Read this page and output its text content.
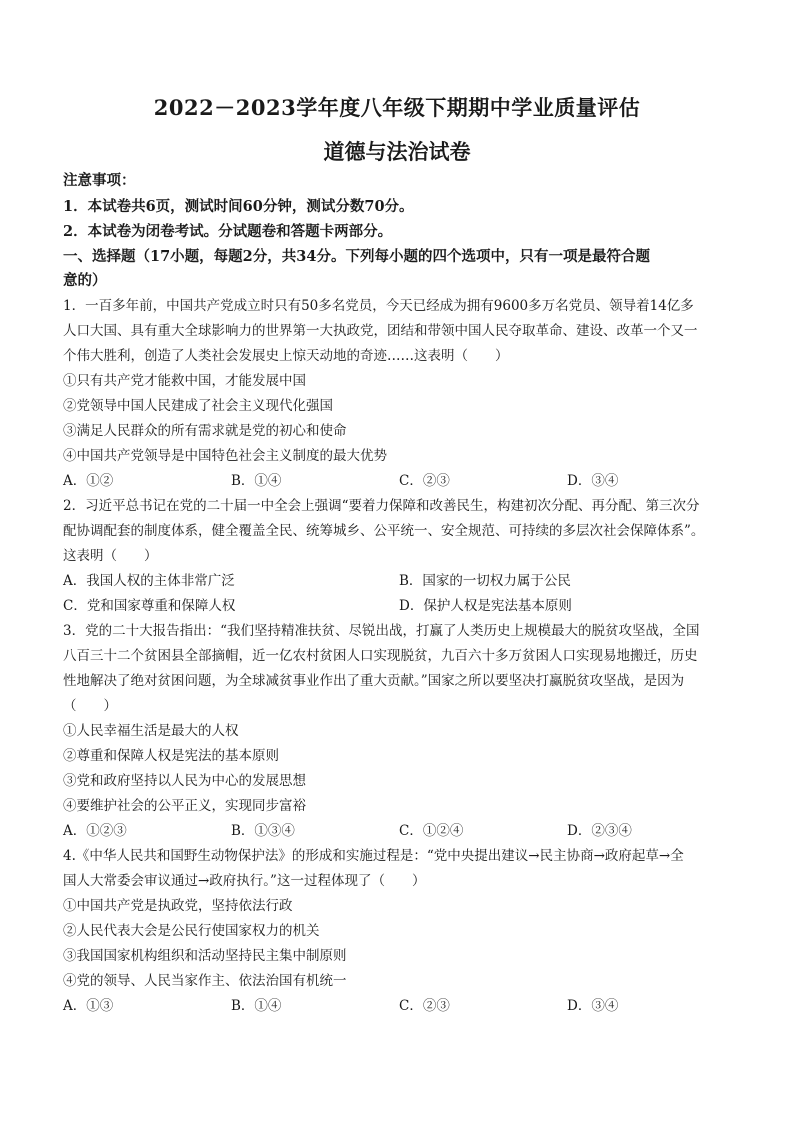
2022－2023学年度八年级下期期中学业质量评估
道德与法治试卷
注意事项：
1．本试卷共6页，测试时间60分钟，测试分数70分。
2．本试卷为闭卷考试。分试题卷和答题卡两部分。
一、选择题（17小题，每题2分，共34分。下列每小题的四个选项中，只有一项是最符合题
意的）
1．一百多年前，中国共产党成立时只有50多名党员，今天已经成为拥有9600多万名党员、领导着14亿多
人口大国、具有重大全球影响力的世界第一大执政党，团结和带领中国人民夺取革命、建设、改革一个又一
个伟大胜利，创造了人类社会发展史上惊天动地的奇迹……这表明（　　）
①只有共产党才能救中国，才能发展中国
②党领导中国人民建成了社会主义现代化强国
③满足人民群众的所有需求就是党的初心和使命
④中国共产党领导是中国特色社会主义制度的最大优势
A．①②	B．①④	C．②③	D．③④
2．习近平总书记在党的二十届一中全会上强调“要着力保障和改善民生，构建初次分配、再分配、第三次分
配协调配套的制度体系，健全覆盖全民、统筹城乡、公平统一、安全规范、可持续的多层次社会保障体系”。
这表明（　　）
A．我国人权的主体非常广泛	B．国家的一切权力属于公民
C．党和国家尊重和保障人权	D．保护人权是宪法基本原则
3．党的二十大报告指出：“我们坚持精准扶贫、尽锐出战，打赢了人类历史上规模最大的脱贫攻坚战，全国
八百三十二个贫困县全部摘帽，近一亿农村贫困人口实现脱贫，九百六十多万贫困人口实现易地搬迁，历史
性地解决了绝对贫困问题，为全球减贫事业作出了重大贡献。”国家之所以要坚决打赢脱贫攻坚战，是因为
（　　）
①人民幸福生活是最大的人权
②尊重和保障人权是宪法的基本原则
③党和政府坚持以人民为中心的发展思想
④要维护社会的公平正义，实现同步富裕
A．①②③	B．①③④	C．①②④	D．②③④
4.《中华人民共和国野生动物保护法》的形成和实施过程是：“党中央提出建议→民主协商→政府起草→全
国人大常委会审议通过→政府执行。”这一过程体现了（　　）
①中国共产党是执政党，坚持依法行政
②人民代表大会是公民行使国家权力的机关
③我国国家机构组织和活动坚持民主集中制原则
④党的领导、人民当家作主、依法治国有机统一
A．①③	B．①④	C．②③	D．③④
